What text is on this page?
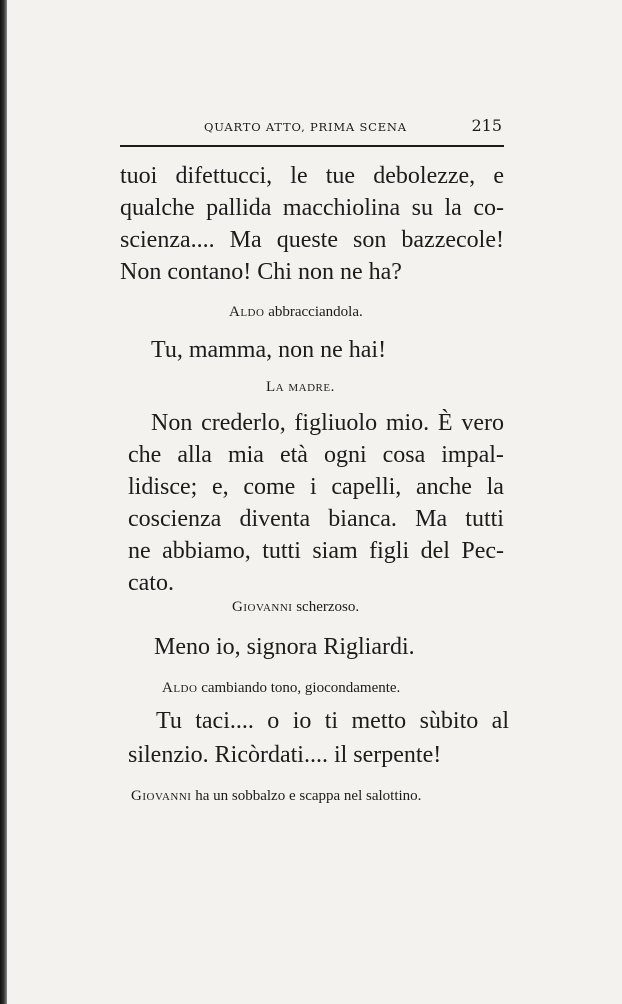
QUARTO ATTO, PRIMA SCENA	215
tuoi difettucci, le tue debolezze, e
qualche pallida macchiolina su la co-
scienza.... Ma queste son bazzecole!
Non contano! Chi non ne ha?
Aldo abbracciandola.
Tu, mamma, non ne hai!
La madre.
Non crederlo, figliuolo mio. È vero
che alla mia età ogni cosa impal-
lidisce; e, come i capelli, anche la
coscienza diventa bianca. Ma tutti
ne abbiamo, tutti siam figli del Pec-
cato.
Giovanni scherzoso.
Meno io, signora Rigliardi.
Aldo cambiando tono, giocondamente.
Tu taci.... o io ti metto sùbito al
silenzio. Ricòrdati.... il serpente!
Giovanni ha un sobbalzo e scappa nel salottino.
